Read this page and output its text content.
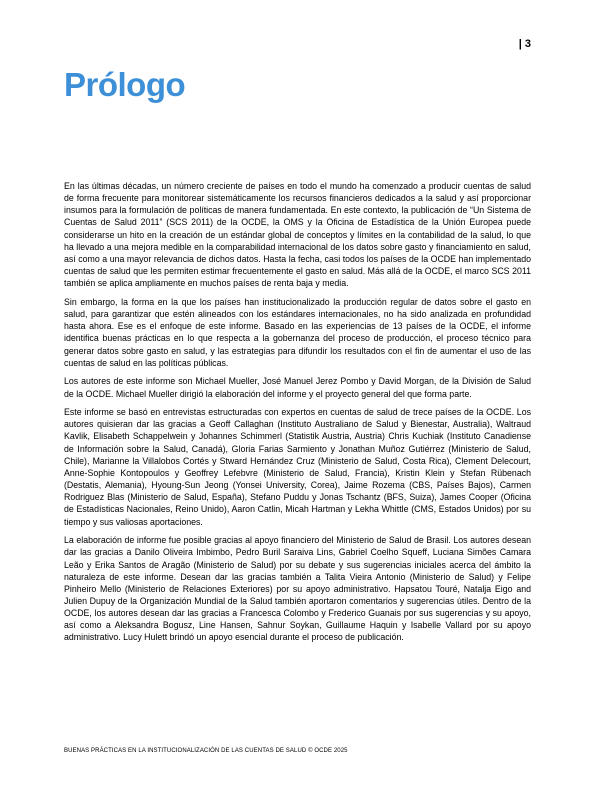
| 3
Prólogo

En las últimas décadas, un número creciente de países en todo el mundo ha comenzado a producir cuentas de salud de forma frecuente para monitorear sistemáticamente los recursos financieros dedicados a la salud y así proporcionar insumos para la formulación de políticas de manera fundamentada. En este contexto, la publicación de “Un Sistema de Cuentas de Salud 2011” (SCS 2011) de la OCDE, la OMS y la Oficina de Estadística de la Unión Europea puede considerarse un hito en la creación de un estándar global de conceptos y límites en la contabilidad de la salud, lo que ha llevado a una mejora medible en la comparabilidad internacional de los datos sobre gasto y financiamiento en salud, así como a una mayor relevancia de dichos datos. Hasta la fecha, casi todos los países de la OCDE han implementado cuentas de salud que les permiten estimar frecuentemente el gasto en salud. Más allá de la OCDE, el marco SCS 2011 también se aplica ampliamente en muchos países de renta baja y media.

Sin embargo, la forma en la que los países han institucionalizado la producción regular de datos sobre el gasto en salud, para garantizar que estén alineados con los estándares internacionales, no ha sido analizada en profundidad hasta ahora. Ese es el enfoque de este informe. Basado en las experiencias de 13 países de la OCDE, el informe identifica buenas prácticas en lo que respecta a la gobernanza del proceso de producción, el proceso técnico para generar datos sobre gasto en salud, y las estrategias para difundir los resultados con el fin de aumentar el uso de las cuentas de salud en las políticas públicas.

Los autores de este informe son Michael Mueller, José Manuel Jerez Pombo y David Morgan, de la División de Salud de la OCDE. Michael Mueller dirigió la elaboración del informe y el proyecto general del que forma parte.

Este informe se basó en entrevistas estructuradas con expertos en cuentas de salud de trece países de la OCDE. Los autores quisieran dar las gracias a Geoff Callaghan (Instituto Australiano de Salud y Bienestar, Australia), Waltraud Kavlik, Elisabeth Schappelwein y Johannes Schimmerl (Statistik Austria, Austria) Chris Kuchiak (Instituto Canadiense de Información sobre la Salud, Canadá), Gloria Farias Sarmiento y Jonathan Muñoz Gutiérrez (Ministerio de Salud, Chile), Marianne la Villalobos Cortés y Stward Hernández Cruz (Ministerio de Salud, Costa Rica), Clement Delecourt, Anne-Sophie Kontopoulos y Geoffrey Lefebvre (Ministerio de Salud, Francia), Kristin Klein y Stefan Rübenach (Destatis, Alemania), Hyoung-Sun Jeong (Yonsei University, Corea), Jaime Rozema (CBS, Países Bajos), Carmen Rodriguez Blas (Ministerio de Salud, España), Stefano Puddu y Jonas Tschantz (BFS, Suiza), James Cooper (Oficina de Estadísticas Nacionales, Reino Unido), Aaron Catlin, Micah Hartman y Lekha Whittle (CMS, Estados Unidos) por su tiempo y sus valiosas aportaciones.

La elaboración de informe fue posible gracias al apoyo financiero del Ministerio de Salud de Brasil. Los autores desean dar las gracias a Danilo Oliveira Imbimbo, Pedro Buril Saraiva Lins, Gabriel Coelho Squeff, Luciana Simões Camara Leão y Erika Santos de Aragão (Ministerio de Salud) por su debate y sus sugerencias iniciales acerca del ámbito la naturaleza de este informe. Desean dar las gracias también a Talita Vieira Antonio (Ministerio de Salud) y Felipe Pinheiro Mello (Ministerio de Relaciones Exteriores) por su apoyo administrativo. Hapsatou Touré, Natalja Eigo and Julien Dupuy de la Organización Mundial de la Salud también aportaron comentarios y sugerencias útiles. Dentro de la OCDE, los autores desean dar las gracias a Francesca Colombo y Frederico Guanais por sus sugerencias y su apoyo, así como a Aleksandra Bogusz, Line Hansen, Sahnur Soykan, Guillaume Haquin y Isabelle Vallard por su apoyo administrativo. Lucy Hulett brindó un apoyo esencial durante el proceso de publicación.

BUENAS PRÁCTICAS EN LA INSTITUCIONALIZACIÓN DE LAS CUENTAS DE SALUD © OCDE 2025
